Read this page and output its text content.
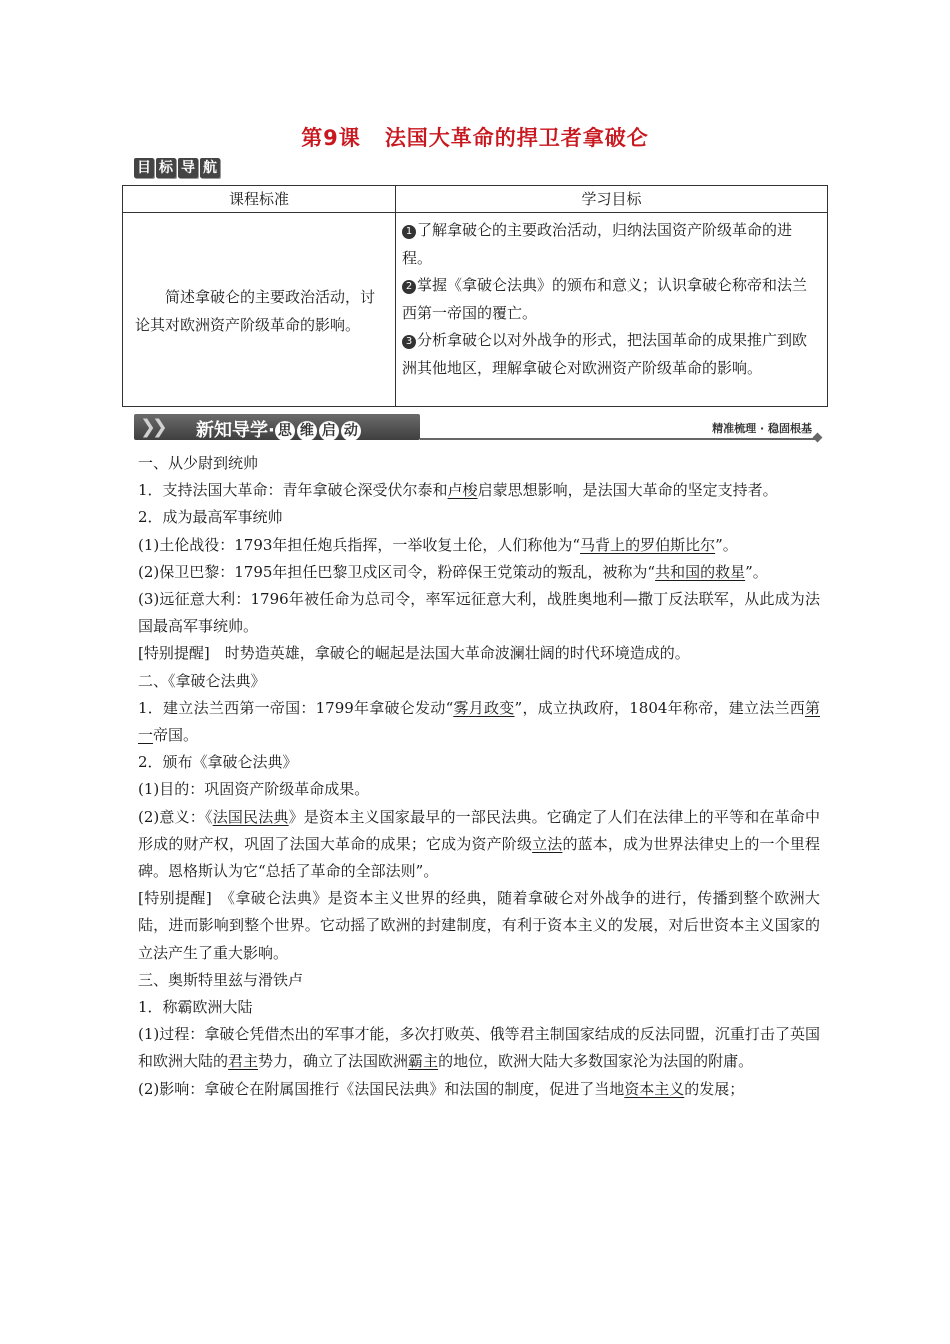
第9课 法国大革命的捍卫者拿破仑
目 标 导 航
课程标准	学习目标

简述拿破仑的主要政治活动，讨论其对欧洲资产阶级革命的影响。	1 了解拿破仑的主要政治活动，归纳法国资产阶级革命的进程。
2 掌握《拿破仑法典》的颁布和意义；认识拿破仑称帝和法兰西第一帝国的覆亡。
3 分析拿破仑以对外战争的形式，把法国革命的成果推广到欧洲其他地区，理解拿破仑对欧洲资产阶级革命的影响。
❯❯ 新知导学· 思 维 启 动	精准梳理 · 稳固根基

一、从少尉到统帅

1．支持法国大革命：青年拿破仑深受伏尔泰和卢梭启蒙思想影响，是法国大革命的坚定支持者。

2．成为最高军事统帅

(1)土伦战役：1793年担任炮兵指挥，一举收复土伦，人们称他为“马背上的罗伯斯比尔”。

(2)保卫巴黎：1795年担任巴黎卫戍区司令，粉碎保王党策动的叛乱，被称为“共和国的救星”。

(3)远征意大利：1796年被任命为总司令，率军远征意大利，战胜奥地利—撒丁反法联军，从此成为法国最高军事统帅。

[特别提醒]　时势造英雄，拿破仑的崛起是法国大革命波澜壮阔的时代环境造成的。

二、《拿破仑法典》

1．建立法兰西第一帝国：1799年拿破仑发动“雾月政变”，成立执政府，1804年称帝，建立法兰西第一帝国。

2．颁布《拿破仑法典》

(1)目的：巩固资产阶级革命成果。

(2)意义：《法国民法典》是资本主义国家最早的一部民法典。它确定了人们在法律上的平等和在革命中形成的财产权，巩固了法国大革命的成果；它成为资产阶级立法的蓝本，成为世界法律史上的一个里程碑。恩格斯认为它“总括了革命的全部法则”。

[特别提醒]　《拿破仑法典》是资本主义世界的经典，随着拿破仑对外战争的进行，传播到整个欧洲大陆，进而影响到整个世界。它动摇了欧洲的封建制度，有利于资本主义的发展，对后世资本主义国家的立法产生了重大影响。

三、奥斯特里兹与滑铁卢

1．称霸欧洲大陆

(1)过程：拿破仑凭借杰出的军事才能，多次打败英、俄等君主制国家结成的反法同盟，沉重打击了英国和欧洲大陆的君主势力，确立了法国欧洲霸主的地位，欧洲大陆大多数国家沦为法国的附庸。

(2)影响：拿破仑在附属国推行《法国民法典》和法国的制度，促进了当地资本主义的发展；
